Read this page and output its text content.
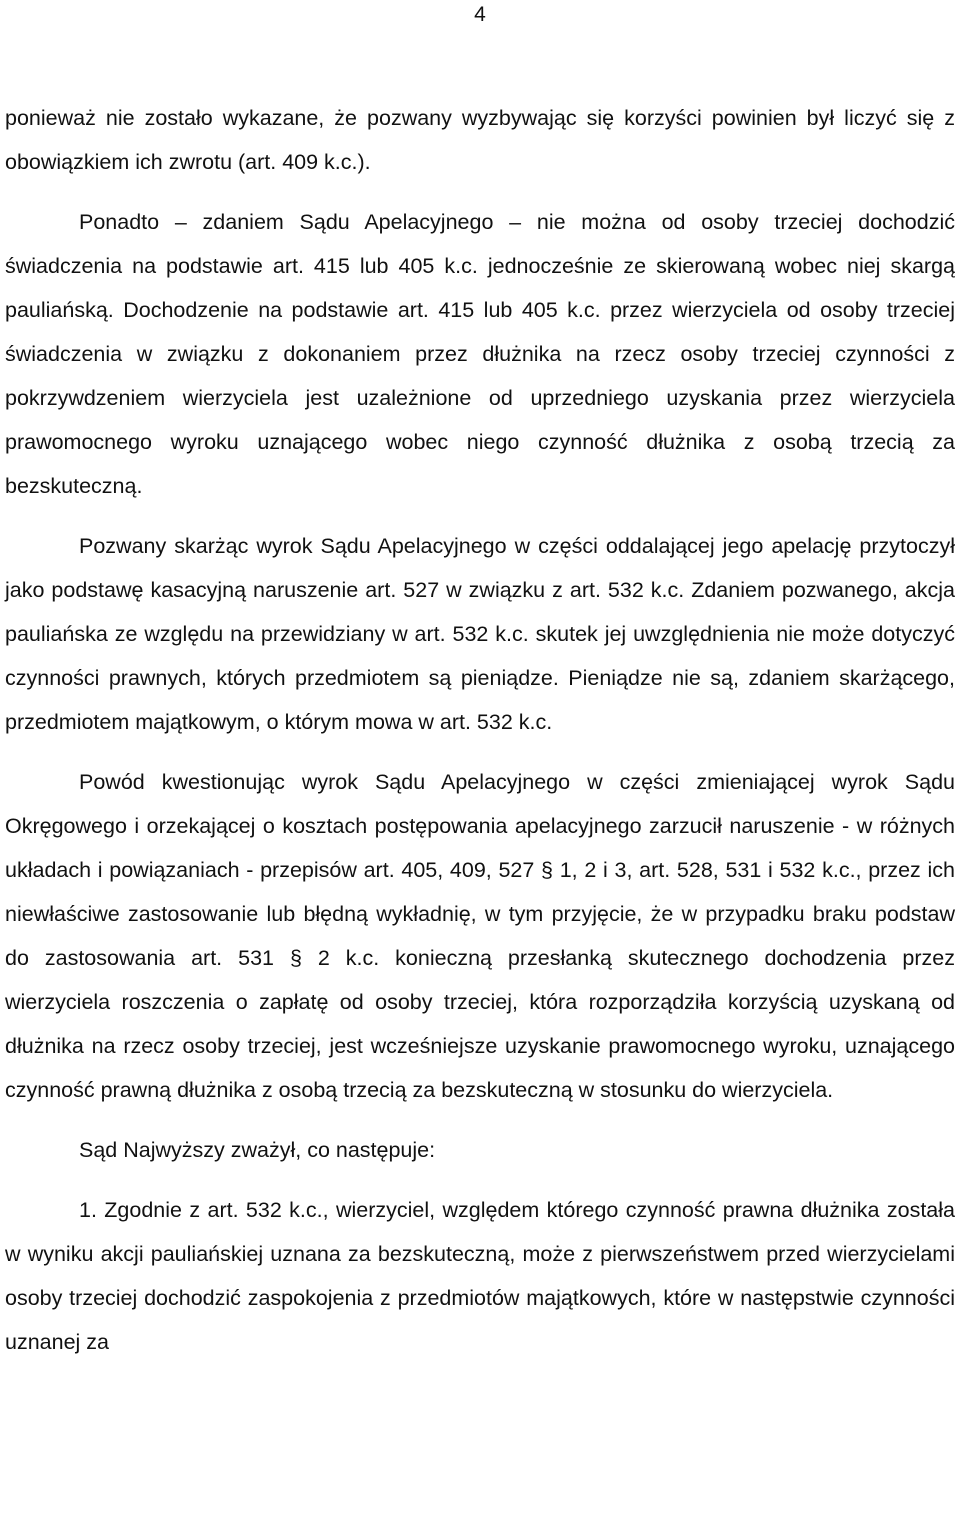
4

ponieważ nie zostało wykazane, że pozwany wyzbywając się korzyści powinien był liczyć się z obowiązkiem ich zwrotu (art. 409 k.c.).

Ponadto – zdaniem Sądu Apelacyjnego – nie można od osoby trzeciej dochodzić świadczenia na podstawie art. 415 lub 405 k.c. jednocześnie ze skierowaną wobec niej skargą pauliańską. Dochodzenie na podstawie art. 415 lub 405 k.c. przez wierzyciela od osoby trzeciej świadczenia w związku z dokonaniem przez dłużnika na rzecz osoby trzeciej czynności z pokrzywdzeniem wierzyciela jest uzależnione od uprzedniego uzyskania przez wierzyciela prawomocnego wyroku uznającego wobec niego czynność dłużnika z osobą trzecią za bezskuteczną.

Pozwany skarżąc wyrok Sądu Apelacyjnego w części oddalającej jego apelację przytoczył jako podstawę kasacyjną naruszenie art. 527 w związku z art. 532 k.c. Zdaniem pozwanego, akcja pauliańska ze względu na przewidziany w art. 532 k.c. skutek jej uwzględnienia nie może dotyczyć czynności prawnych, których przedmiotem są pieniądze. Pieniądze nie są, zdaniem skarżącego, przedmiotem majątkowym, o którym mowa w art. 532 k.c.

Powód kwestionując wyrok Sądu Apelacyjnego w części zmieniającej wyrok Sądu Okręgowego i orzekającej o kosztach postępowania apelacyjnego zarzucił naruszenie - w różnych układach i powiązaniach - przepisów art. 405, 409, 527 § 1, 2 i 3, art. 528, 531 i 532 k.c., przez ich niewłaściwe zastosowanie lub błędną wykładnię, w tym przyjęcie, że w przypadku braku podstaw do zastosowania art. 531 § 2 k.c. konieczną przesłanką skutecznego dochodzenia przez wierzyciela roszczenia o zapłatę od osoby trzeciej, która rozporządziła korzyścią uzyskaną od dłużnika na rzecz osoby trzeciej, jest wcześniejsze uzyskanie prawomocnego wyroku, uznającego czynność prawną dłużnika z osobą trzecią za bezskuteczną w stosunku do wierzyciela.

Sąd Najwyższy zważył, co następuje:

1. Zgodnie z art. 532 k.c., wierzyciel, względem którego czynność prawna dłużnika została w wyniku akcji pauliańskiej uznana za bezskuteczną, może z pierwszeństwem przed wierzycielami osoby trzeciej dochodzić zaspokojenia z przedmiotów majątkowych, które w następstwie czynności uznanej za
